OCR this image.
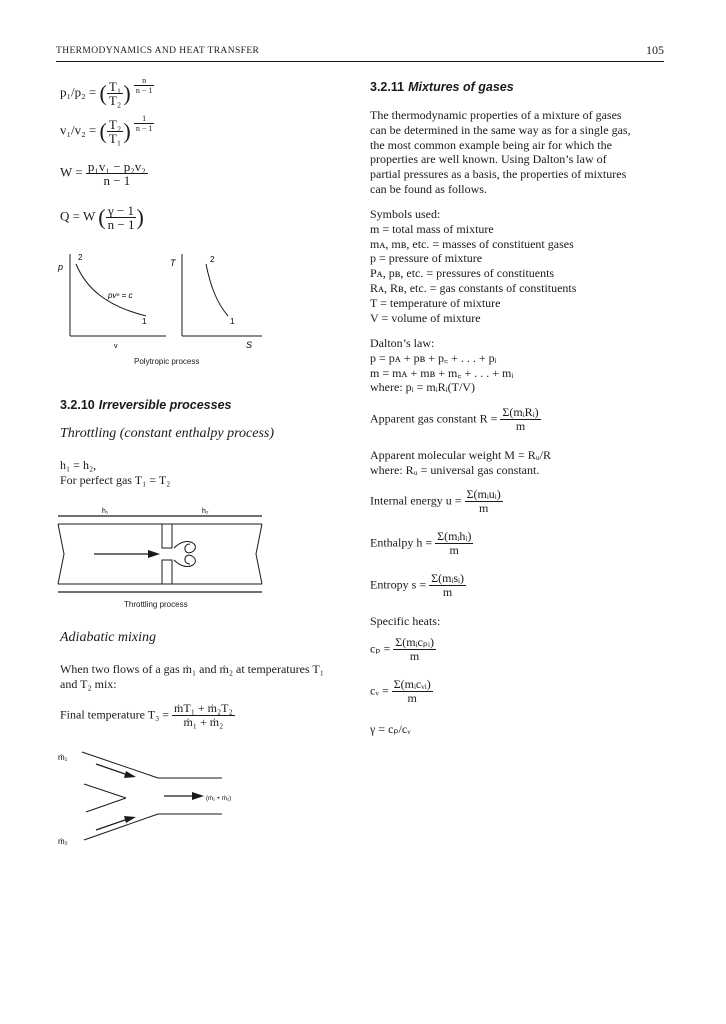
THERMODYNAMICS AND HEAT TRANSFER	105
p₁/p₂ = ( $\frac{\text{T₁}}{\text{T₂}}$ ) $\frac{n}{n - 1}$
v₁/v₂ = ( $\frac{\text{T₂}}{\text{T₁}}$ ) $\frac{1}{n - 1}$
$W = \frac{\text{p₁v₁ − p₂v₂}}{n - 1}$
Q = W ( $\frac{\gamma - 1}{n - 1}$ )
p
v
2
1
pvⁿ = c
T
S
2
1
Polytropic process
3.2.10 Irreversible processes
Throttling (constant enthalpy process)
h₁ = h₂,
For perfect gas T₁ = T₂
h₁	h₂
Throttling process
Adiabatic mixing
When two flows of a gas ṁ₁ and ṁ₂ at temperatures T₁
and T₂ mix:
Final temperature $T_3 = \frac{\text{ṁT₁ + ṁ₂T₂}}{\text{ṁ₁ + ṁ₂}}$
ṁ₁
ṁ₂
(ṁ₁ + ṁ₂)
3.2.11 Mixtures of gases
The thermodynamic properties of a mixture of gases
can be determined in the same way as for a single gas,
the most common example being air for which the
properties are well known. Using Dalton’s law of
partial pressures as a basis, the properties of mixtures
can be found as follows.
Symbols used:
m = total mass of mixture
mᴀ, mʙ, etc. = masses of constituent gases
p = pressure of mixture
Pᴀ, pʙ, etc. = pressures of constituents
Rᴀ, Rʙ, etc. = gas constants of constituents
T = temperature of mixture
V = volume of mixture
Dalton’s law:
p = pᴀ + pʙ + p꜀ + . . . + pᵢ
m = mᴀ + mʙ + m꜀ + . . . + mᵢ
where: pᵢ = mᵢRᵢ(T/V)
Apparent gas constant $R = \frac{\text{Σ(mᵢRᵢ)}}{m}$
Apparent molecular weight M = Rᵤ/R
where: Rᵤ = universal gas constant.
Internal energy $u = \frac{\text{Σ(mᵢuᵢ)}}{m}$
Enthalpy $h = \frac{\text{Σ(mᵢhᵢ)}}{m}$
Entropy $s = \frac{\text{Σ(mᵢsᵢ)}}{m}$
Specific heats:
$c_p = \frac{\text{Σ(mᵢcₚᵢ)}}{m}$
cᵥ = $\frac{\text{Σ(mᵢcᵥᵢ)}}{m}$
γ = cₚ/cᵥ
